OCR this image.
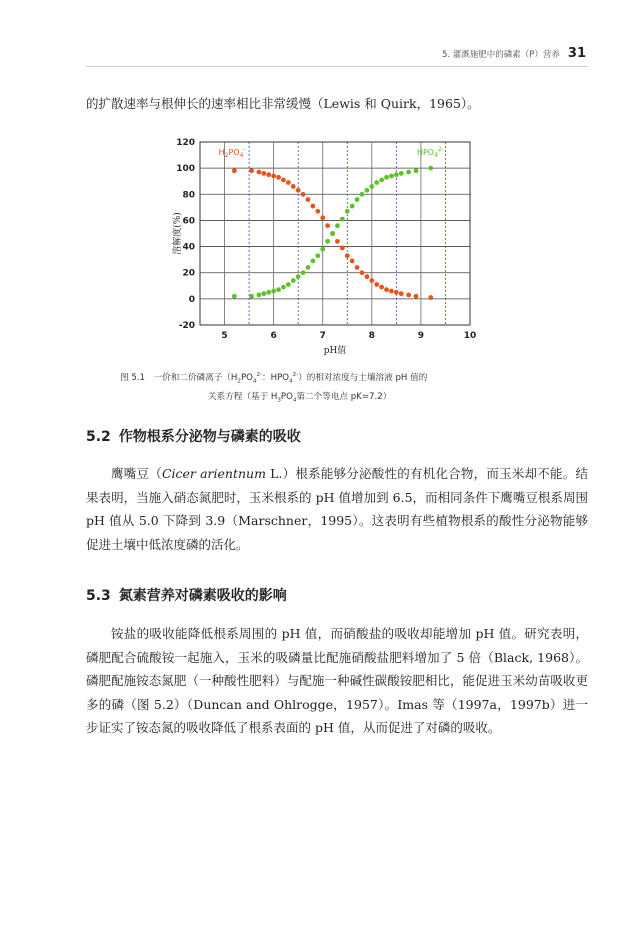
5. 灌溉施肥中的磷素（P）营养 31

的扩散速率与根伸长的速率相比非常缓慢（Lewis 和 Quirk，1965）。

-20
0
20
40
60
80
100
120
5	6	7	8	9	10
pH值
溶解度(%)
$H_2PO_4^-$	$HPO_4^{2-}$
图 5.1　一价和二价磷离子（$H_2PO_4^{2-}$：$HPO_4^{2-}$）的相对浓度与土壤溶液 pH 值的
关系方程（基于 $H_3PO_4$第二个等电点 pK=7.2）
5.2 作物根系分泌物与磷素的吸收

鹰嘴豆（Cicer arientnum L.）根系能够分泌酸性的有机化合物，而玉米却不能。结果表明，当施入硝态氮肥时，玉米根系的 pH 值增加到 6.5，而相同条件下鹰嘴豆根系周围 pH 值从 5.0 下降到 3.9（Marschner，1995）。这表明有些植物根系的酸性分泌物能够促进土壤中低浓度磷的活化。

5.3 氮素营养对磷素吸收的影响

铵盐的吸收能降低根系周围的 pH 值，而硝酸盐的吸收却能增加 pH 值。研究表明，磷肥配合硫酸铵一起施入，玉米的吸磷量比配施硝酸盐肥料增加了 5 倍（Black, 1968）。磷肥配施铵态氮肥（一种酸性肥料）与配施一种碱性碳酸铵肥相比，能促进玉米幼苗吸收更多的磷（图 5.2）（Duncan and Ohlrogge，1957）。Imas 等（1997a，1997b）进一步证实了铵态氮的吸收降低了根系表面的 pH 值，从而促进了对磷的吸收。
